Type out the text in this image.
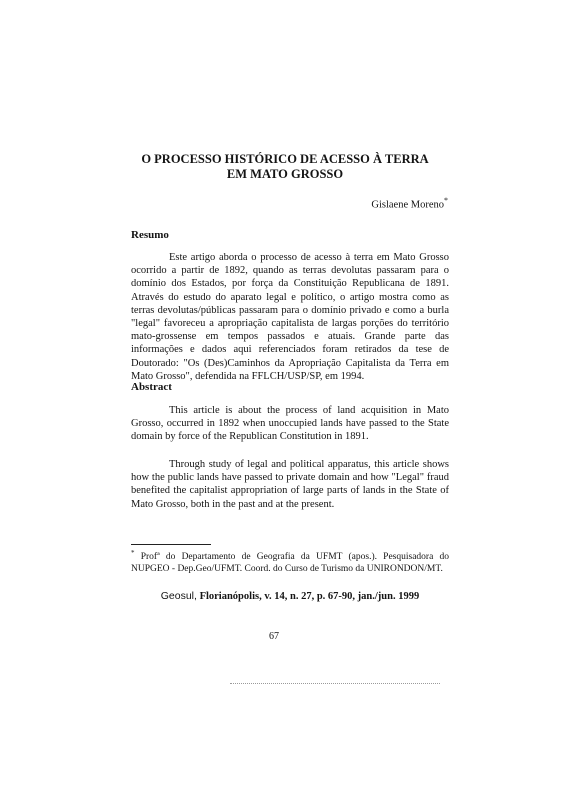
O PROCESSO HISTÓRICO DE ACESSO À TERRA
EM MATO GROSSO
Gislaene Moreno*
Resumo

Este artigo aborda o processo de acesso à terra em Mato Grosso ocorrido a partir de 1892, quando as terras devolutas passaram para o domínio dos Estados, por força da Constituição Republicana de 1891. Através do estudo do aparato legal e político, o artigo mostra como as terras devolutas/públicas passaram para o domínio privado e como a burla "legal" favoreceu a apropriação capitalista de largas porções do território mato-grossense em tempos passados e atuais. Grande parte das informações e dados aqui referenciados foram retirados da tese de Doutorado: "Os (Des)Caminhos da Apropriação Capitalista da Terra em Mato Grosso", defendida na FFLCH/USP/SP, em 1994.

Abstract

This article is about the process of land acquisition in Mato Grosso, occurred in 1892 when unoccupied lands have passed to the State domain by force of the Republican Constitution in 1891.

Through study of legal and political apparatus, this article shows how the public lands have passed to private domain and how "Legal" fraud benefited the capitalist appropriation of large parts of lands in the State of Mato Grosso, both in the past and at the present.

* Profª do Departamento de Geografia da UFMT (apos.). Pesquisadora do NUPGEO - Dep.Geo/UFMT. Coord. do Curso de Turismo da UNIRONDON/MT.
Geosul, Florianópolis, v. 14, n. 27, p. 67-90, jan./jun. 1999
67
